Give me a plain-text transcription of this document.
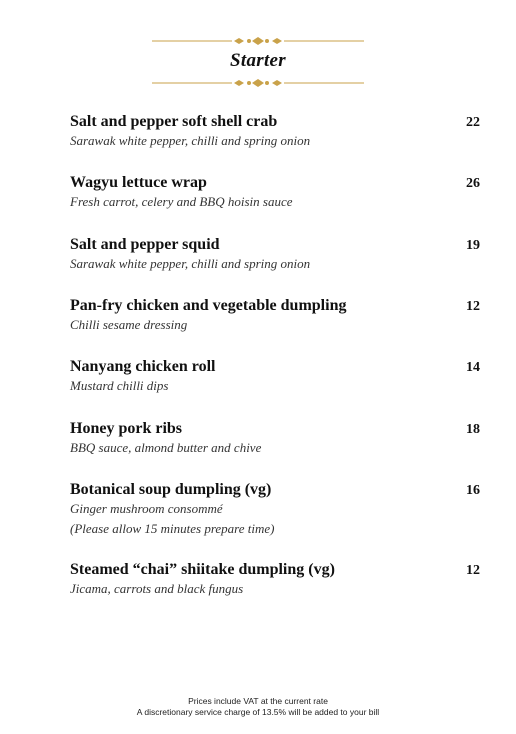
Starter
Salt and pepper soft shell crab
Sarawak white pepper, chilli and spring onion
22
Wagyu lettuce wrap
Fresh carrot, celery and BBQ hoisin sauce
26
Salt and pepper squid
Sarawak white pepper, chilli and spring onion
19
Pan-fry chicken and vegetable dumpling
Chilli sesame dressing
12
Nanyang chicken roll
Mustard chilli dips
14
Honey pork ribs
BBQ sauce, almond butter and chive
18
Botanical soup dumpling (vg)
Ginger mushroom consommé
(Please allow 15 minutes prepare time)
16
Steamed “chai” shiitake dumpling (vg)
Jicama, carrots and black fungus
12
Prices include VAT at the current rate
A discretionary service charge of 13.5% will be added to your bill
